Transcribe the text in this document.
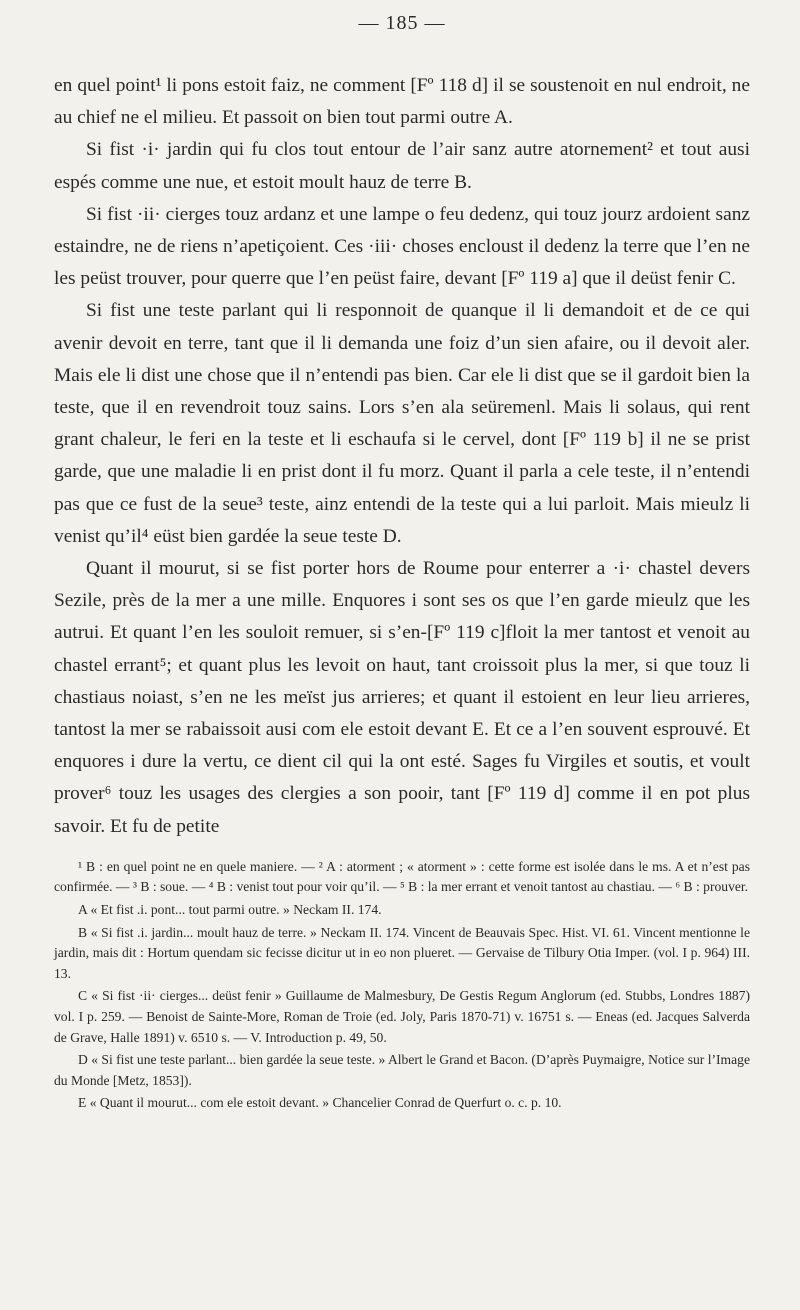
— 185 —

en quel point¹ li pons estoit faiz, ne comment [Fº 118 d] il se soustenoit en nul endroit, ne au chief ne el milieu. Et passoit on bien tout parmi outre A.

Si fist ·i· jardin qui fu clos tout entour de l’air sanz autre atornement² et tout ausi espés comme une nue, et estoit moult hauz de terre B.

Si fist ·ii· cierges touz ardanz et une lampe o feu dedenz, qui touz jourz ardoient sanz estaindre, ne de riens n’apetiçoient. Ces ·iii· choses encloust il dedenz la terre que l’en ne les peüst trouver, pour querre que l’en peüst faire, devant [Fº 119 a] que il deüst fenir C.

Si fist une teste parlant qui li responnoit de quanque il li demandoit et de ce qui avenir devoit en terre, tant que il li demanda une foiz d’un sien afaire, ou il devoit aler. Mais ele li dist une chose que il n’entendi pas bien. Car ele li dist que se il gardoit bien la teste, que il en revendroit touz sains. Lors s’en ala seüremenl. Mais li solaus, qui rent grant chaleur, le feri en la teste et li eschaufa si le cervel, dont [Fº 119 b] il ne se prist garde, que une maladie li en prist dont il fu morz. Quant il parla a cele teste, il n’entendi pas que ce fust de la seue³ teste, ainz entendi de la teste qui a lui parloit. Mais mieulz li venist qu’il⁴ eüst bien gardée la seue teste D.

Quant il mourut, si se fist porter hors de Roume pour enterrer a ·i· chastel devers Sezile, près de la mer a une mille. Enquores i sont ses os que l’en garde mieulz que les autrui. Et quant l’en les souloit remuer, si s’en-[Fº 119 c]floit la mer tantost et venoit au chastel errant⁵; et quant plus les levoit on haut, tant croissoit plus la mer, si que touz li chastiaus noiast, s’en ne les meïst jus arrieres; et quant il estoient en leur lieu arrieres, tantost la mer se rabaissoit ausi com ele estoit devant E. Et ce a l’en souvent esprouvé. Et enquores i dure la vertu, ce dient cil qui la ont esté. Sages fu Virgiles et soutis, et voult prover⁶ touz les usages des clergies a son pooir, tant [Fº 119 d] comme il en pot plus savoir. Et fu de petite

¹ B : en quel point ne en quele maniere. — ² A : atorment ; « atorment » : cette forme est isolée dans le ms. A et n’est pas confirmée. — ³ B : soue. — ⁴ B : venist tout pour voir qu’il. — ⁵ B : la mer errant et venoit tantost au chastiau. — ⁶ B : prouver.

A « Et fist .i. pont... tout parmi outre. » Neckam II. 174.

B « Si fist .i. jardin... moult hauz de terre. » Neckam II. 174. Vincent de Beauvais Spec. Hist. VI. 61. Vincent mentionne le jardin, mais dit : Hortum quendam sic fecisse dicitur ut in eo non plueret. — Gervaise de Tilbury Otia Imper. (vol. I p. 964) III. 13.

C « Si fist ·ii· cierges... deüst fenir » Guillaume de Malmesbury, De Gestis Regum Anglorum (ed. Stubbs, Londres 1887) vol. I p. 259. — Benoist de Sainte-More, Roman de Troie (ed. Joly, Paris 1870-71) v. 16751 s. — Eneas (ed. Jacques Salverda de Grave, Halle 1891) v. 6510 s. — V. Introduction p. 49, 50.

D « Si fist une teste parlant... bien gardée la seue teste. » Albert le Grand et Bacon. (D’après Puymaigre, Notice sur l’Image du Monde [Metz, 1853]).

E « Quant il mourut... com ele estoit devant. » Chancelier Conrad de Querfurt o. c. p. 10.
